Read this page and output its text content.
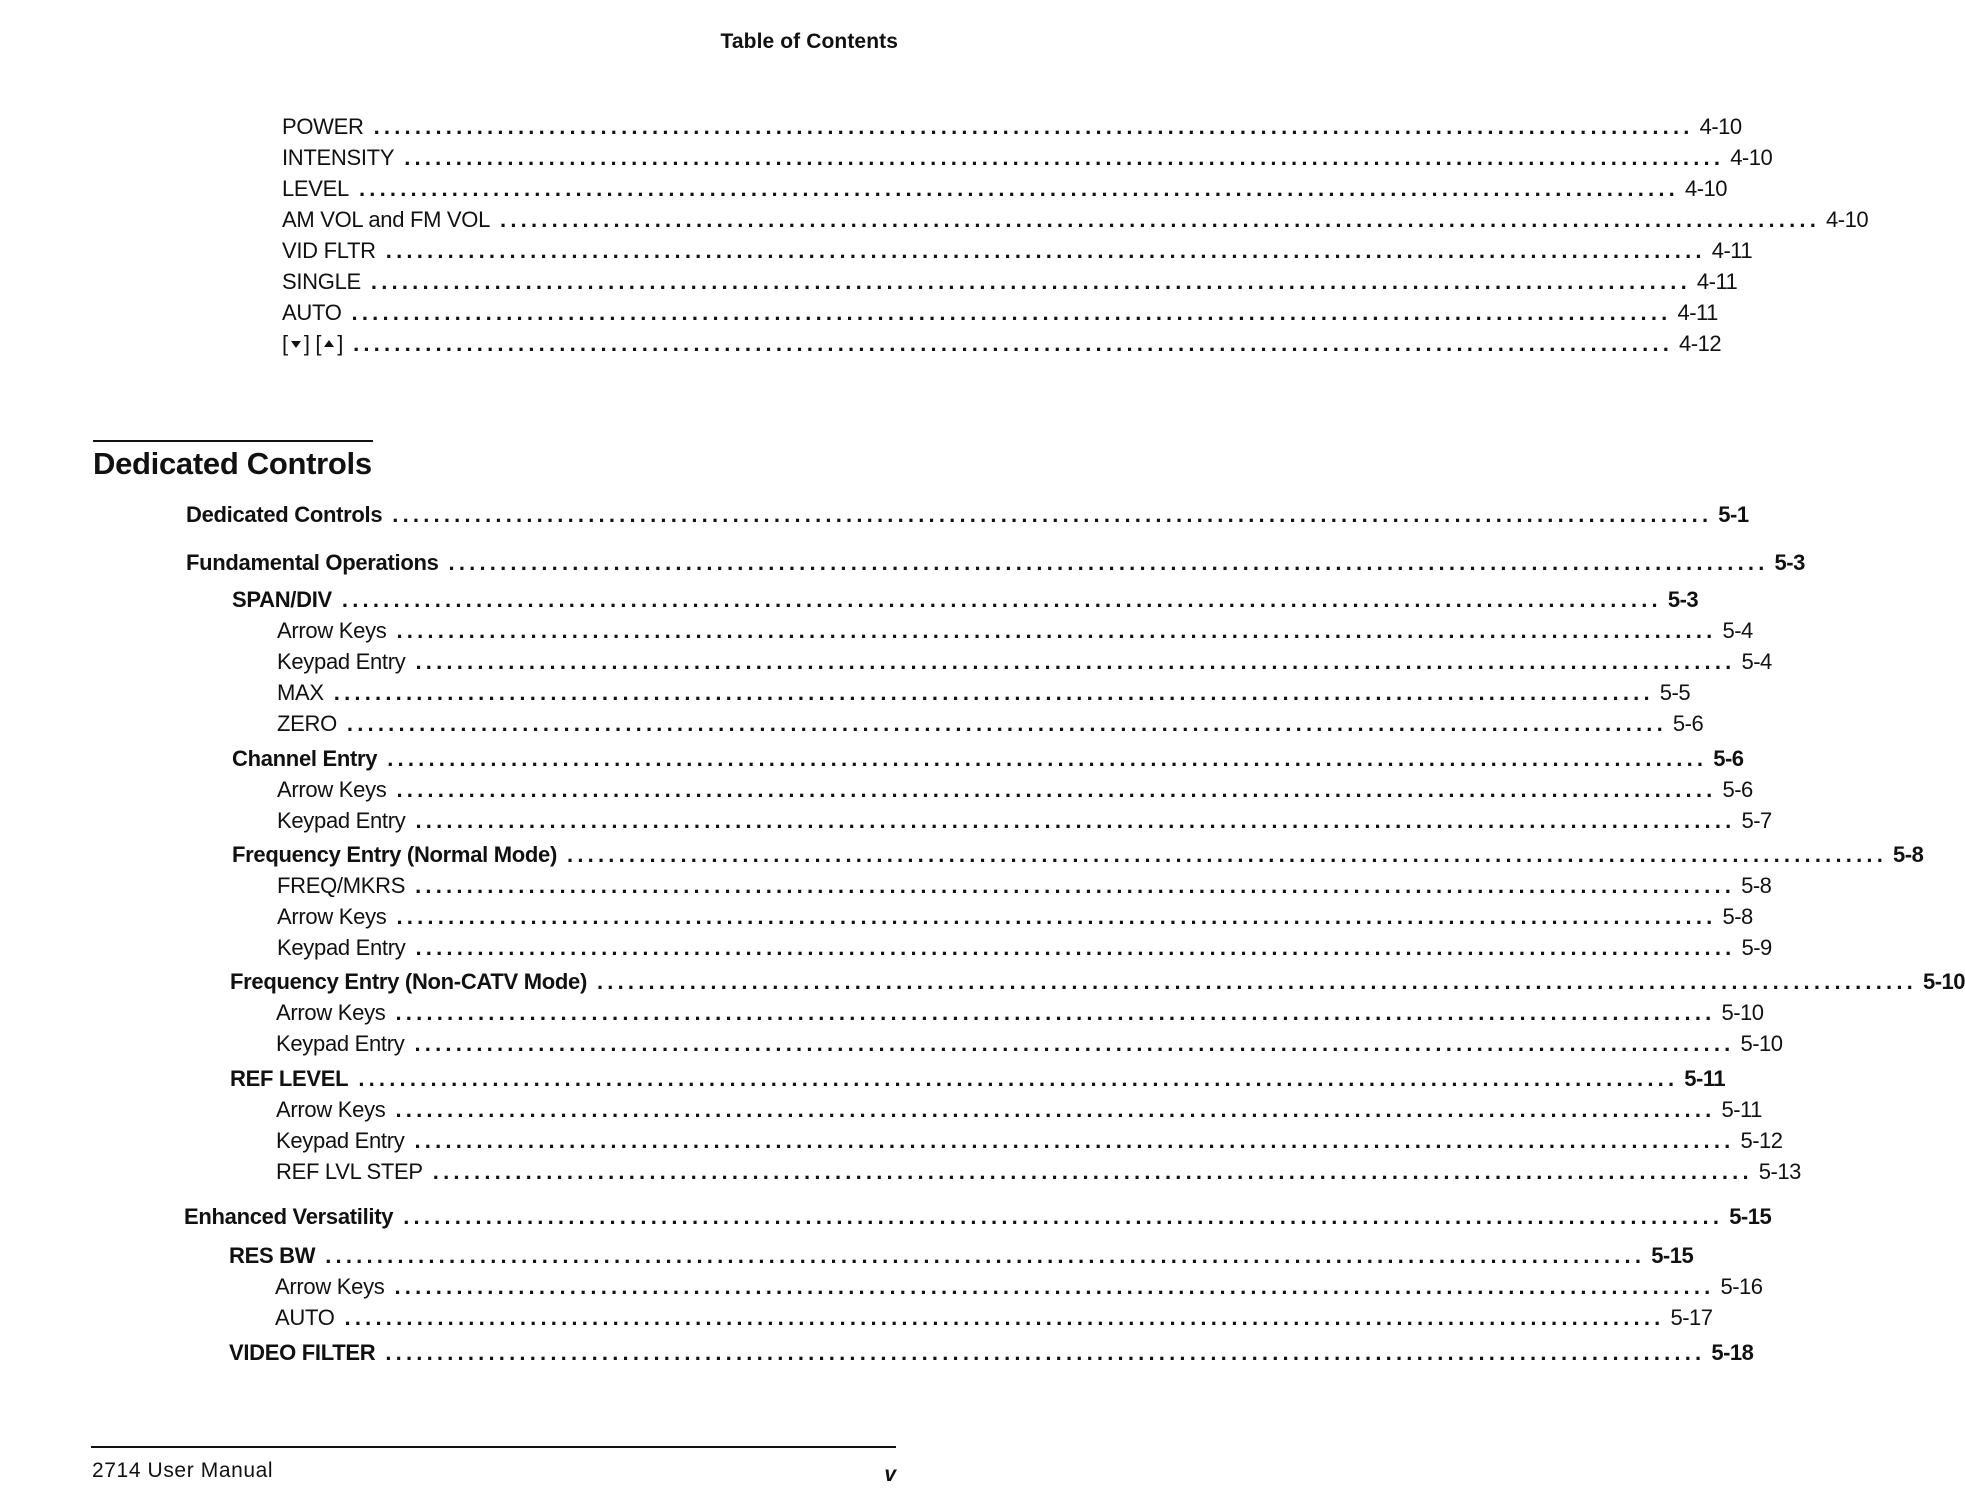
Table of Contents
POWER ................................................................................................................................ 4-10
INTENSITY ................................................................................................................................ 4-10
LEVEL ................................................................................................................................ 4-10
AM VOL and FM VOL ................................................................................................................................ 4-10
VID FLTR ................................................................................................................................ 4-11
SINGLE ................................................................................................................................ 4-11
AUTO ................................................................................................................................ 4-11
[ ] [ ] ................................................................................................................................ 4-12
Dedicated Controls
Dedicated Controls ................................................................................................................................ 5-1
Fundamental Operations ................................................................................................................................ 5-3
SPAN/DIV ................................................................................................................................ 5-3
Arrow Keys ................................................................................................................................ 5-4
Keypad Entry ................................................................................................................................ 5-4
MAX ................................................................................................................................ 5-5
ZERO ................................................................................................................................ 5-6
Channel Entry ................................................................................................................................ 5-6
Arrow Keys ................................................................................................................................ 5-6
Keypad Entry ................................................................................................................................ 5-7
Frequency Entry (Normal Mode) ................................................................................................................................ 5-8
FREQ/MKRS ................................................................................................................................ 5-8
Arrow Keys ................................................................................................................................ 5-8
Keypad Entry ................................................................................................................................ 5-9
Frequency Entry (Non-CATV Mode) ................................................................................................................................ 5-10
Arrow Keys ................................................................................................................................ 5-10
Keypad Entry ................................................................................................................................ 5-10
REF LEVEL ................................................................................................................................ 5-11
Arrow Keys ................................................................................................................................ 5-11
Keypad Entry ................................................................................................................................ 5-12
REF LVL STEP ................................................................................................................................ 5-13
Enhanced Versatility ................................................................................................................................ 5-15
RES BW ................................................................................................................................ 5-15
Arrow Keys ................................................................................................................................ 5-16
AUTO ................................................................................................................................ 5-17
VIDEO FILTER ................................................................................................................................ 5-18
2714 User Manual	v
